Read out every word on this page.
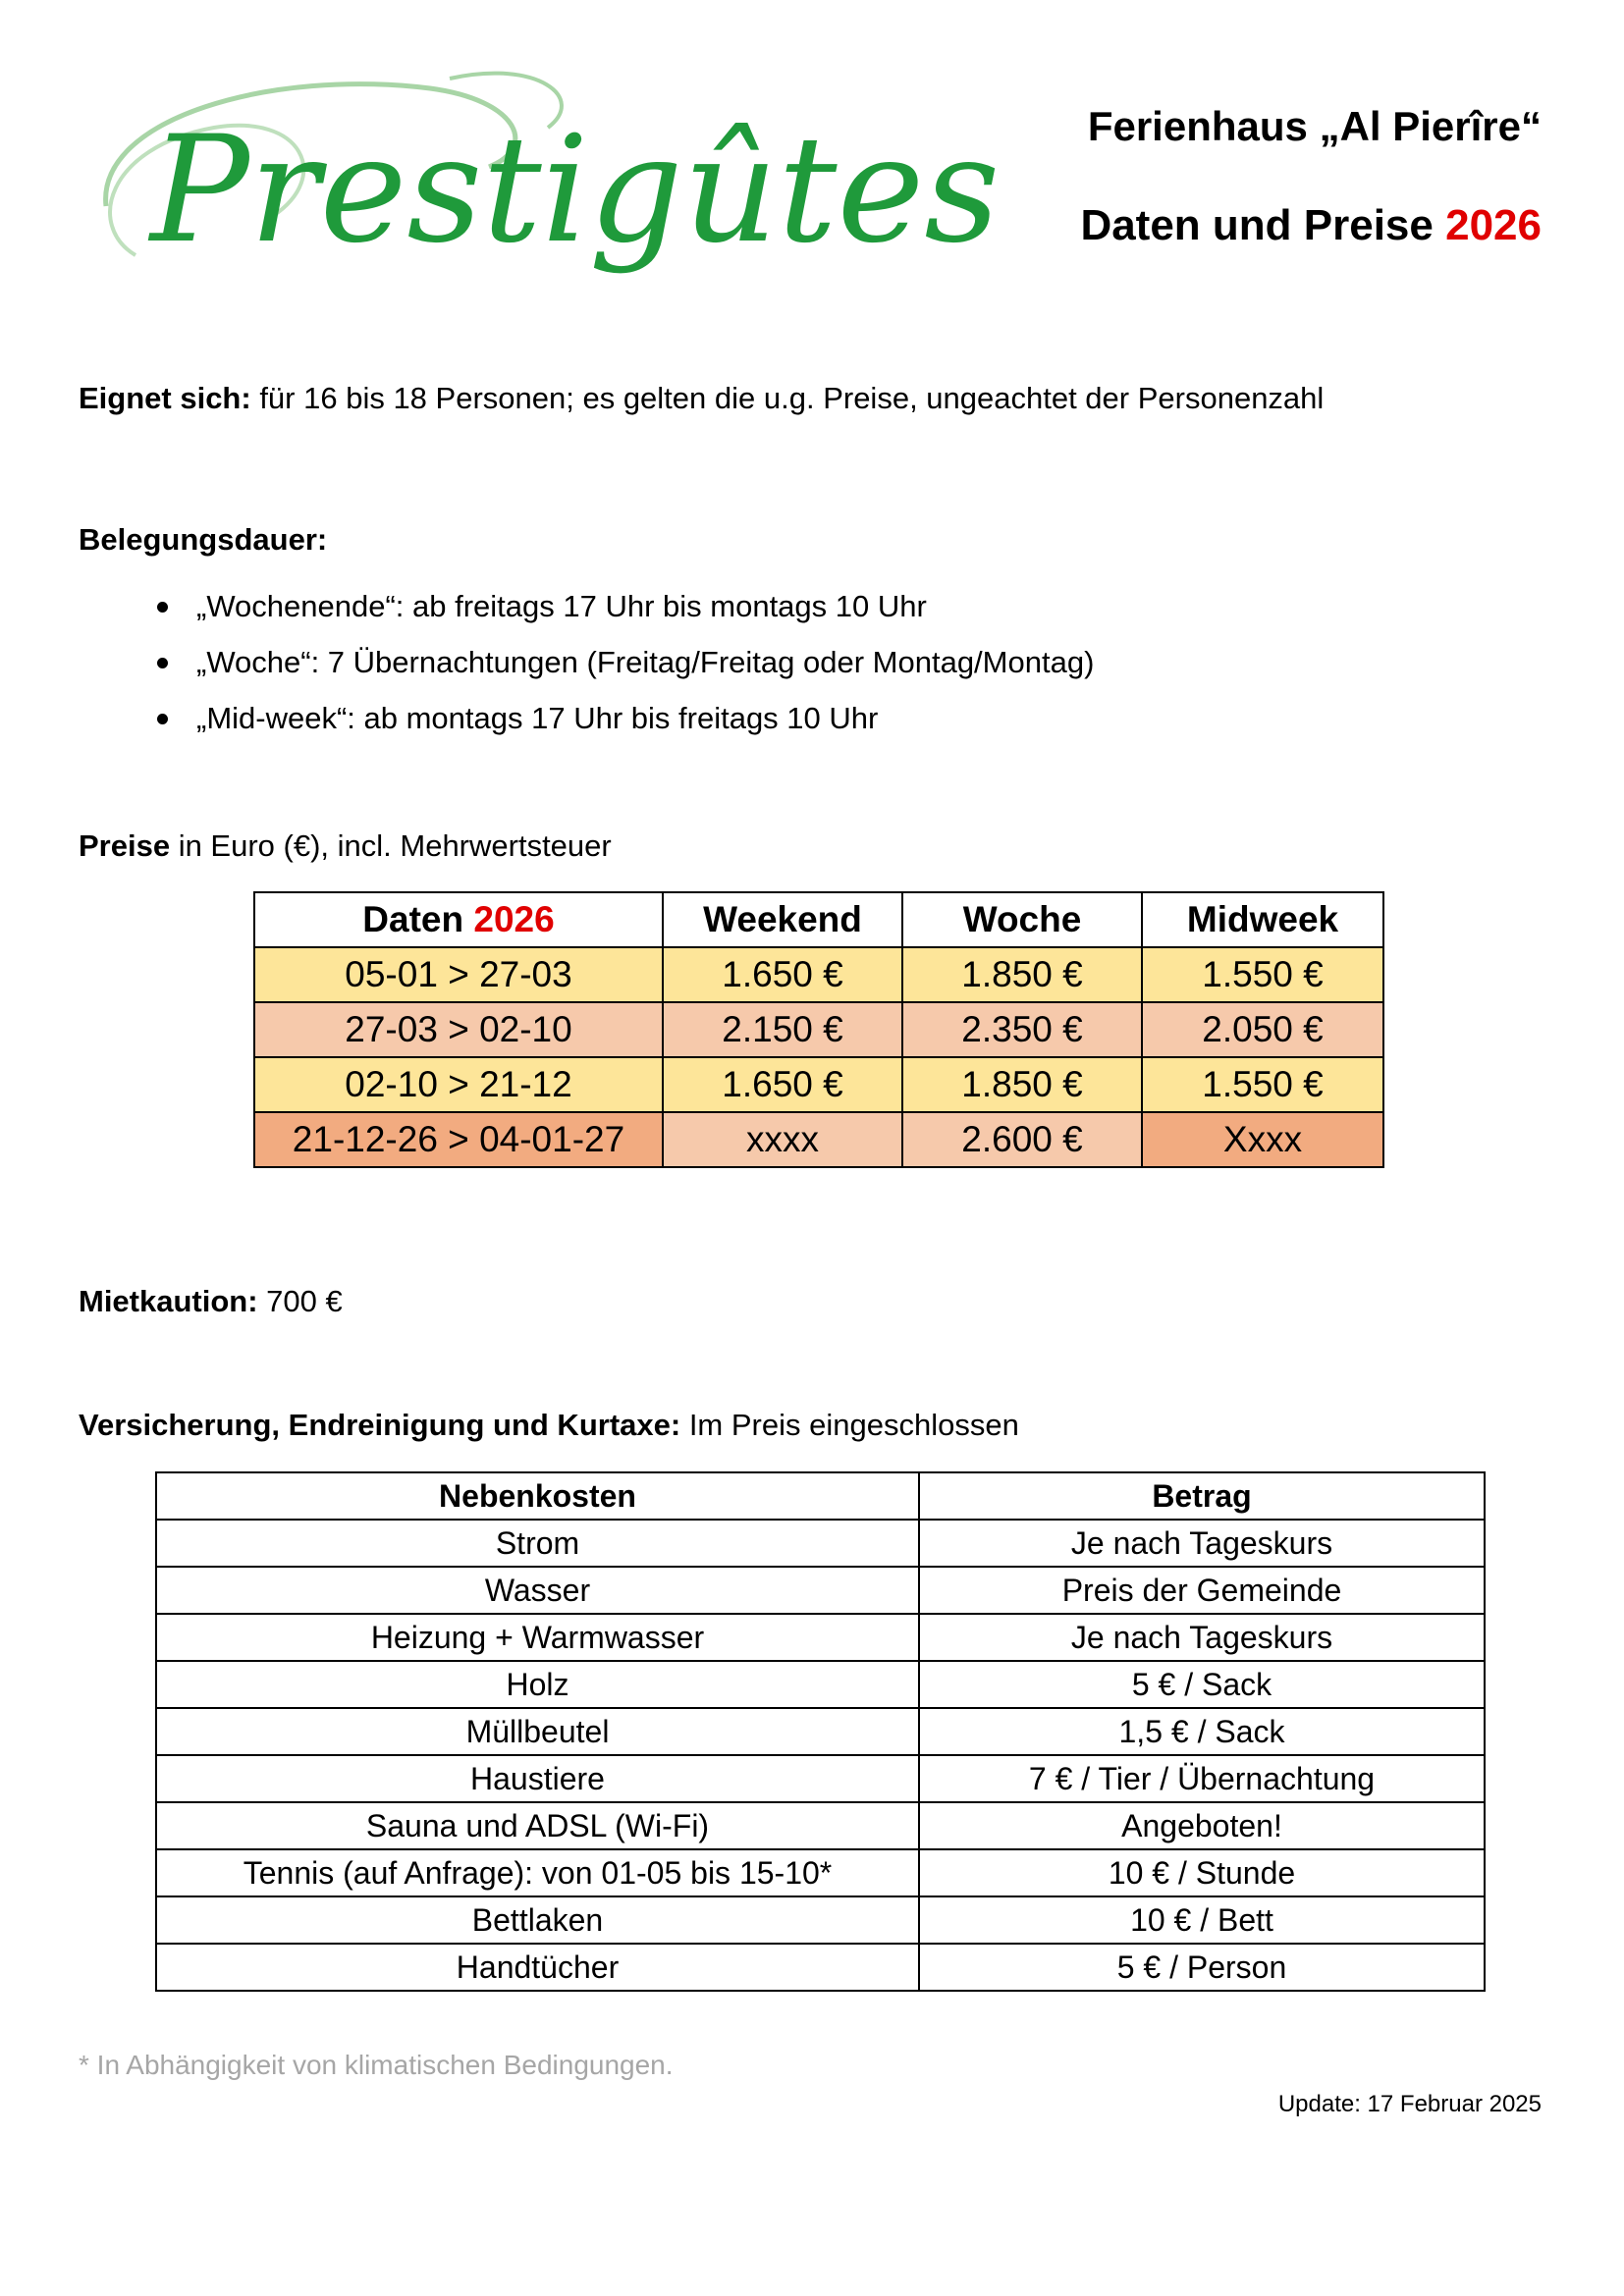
Prestigûtes	Ferienhaus „Al Pierîre“
Daten und Preise 2026
Eignet sich: für 16 bis 18 Personen; es gelten die u.g. Preise, ungeachtet der Personenzahl
Belegungsdauer:
„Wochenende“: ab freitags 17 Uhr bis montags 10 Uhr
„Woche“: 7 Übernachtungen (Freitag/Freitag oder Montag/Montag)
„Mid-week“: ab montags 17 Uhr bis freitags 10 Uhr
Preise in Euro (€), incl. Mehrwertsteuer
Daten 2026	Weekend	Woche	Midweek
05-01 > 27-03	1.650 €	1.850 €	1.550 €
27-03 > 02-10	2.150 €	2.350 €	2.050 €
02-10 > 21-12	1.650 €	1.850 €	1.550 €
21-12-26 > 04-01-27	xxxx	2.600 €	Xxxx
Mietkaution: 700 €
Versicherung, Endreinigung und Kurtaxe: Im Preis eingeschlossen
Nebenkosten	Betrag
Strom	Je nach Tageskurs
Wasser	Preis der Gemeinde
Heizung + Warmwasser	Je nach Tageskurs
Holz	5 € / Sack
Müllbeutel	1,5 € / Sack
Haustiere	7 € / Tier / Übernachtung
Sauna und ADSL (Wi-Fi)	Angeboten!
Tennis (auf Anfrage): von 01-05 bis 15-10*	10 € / Stunde
Bettlaken	10 € / Bett
Handtücher	5 € / Person
* In Abhängigkeit von klimatischen Bedingungen.
Update: 17 Februar 2025
